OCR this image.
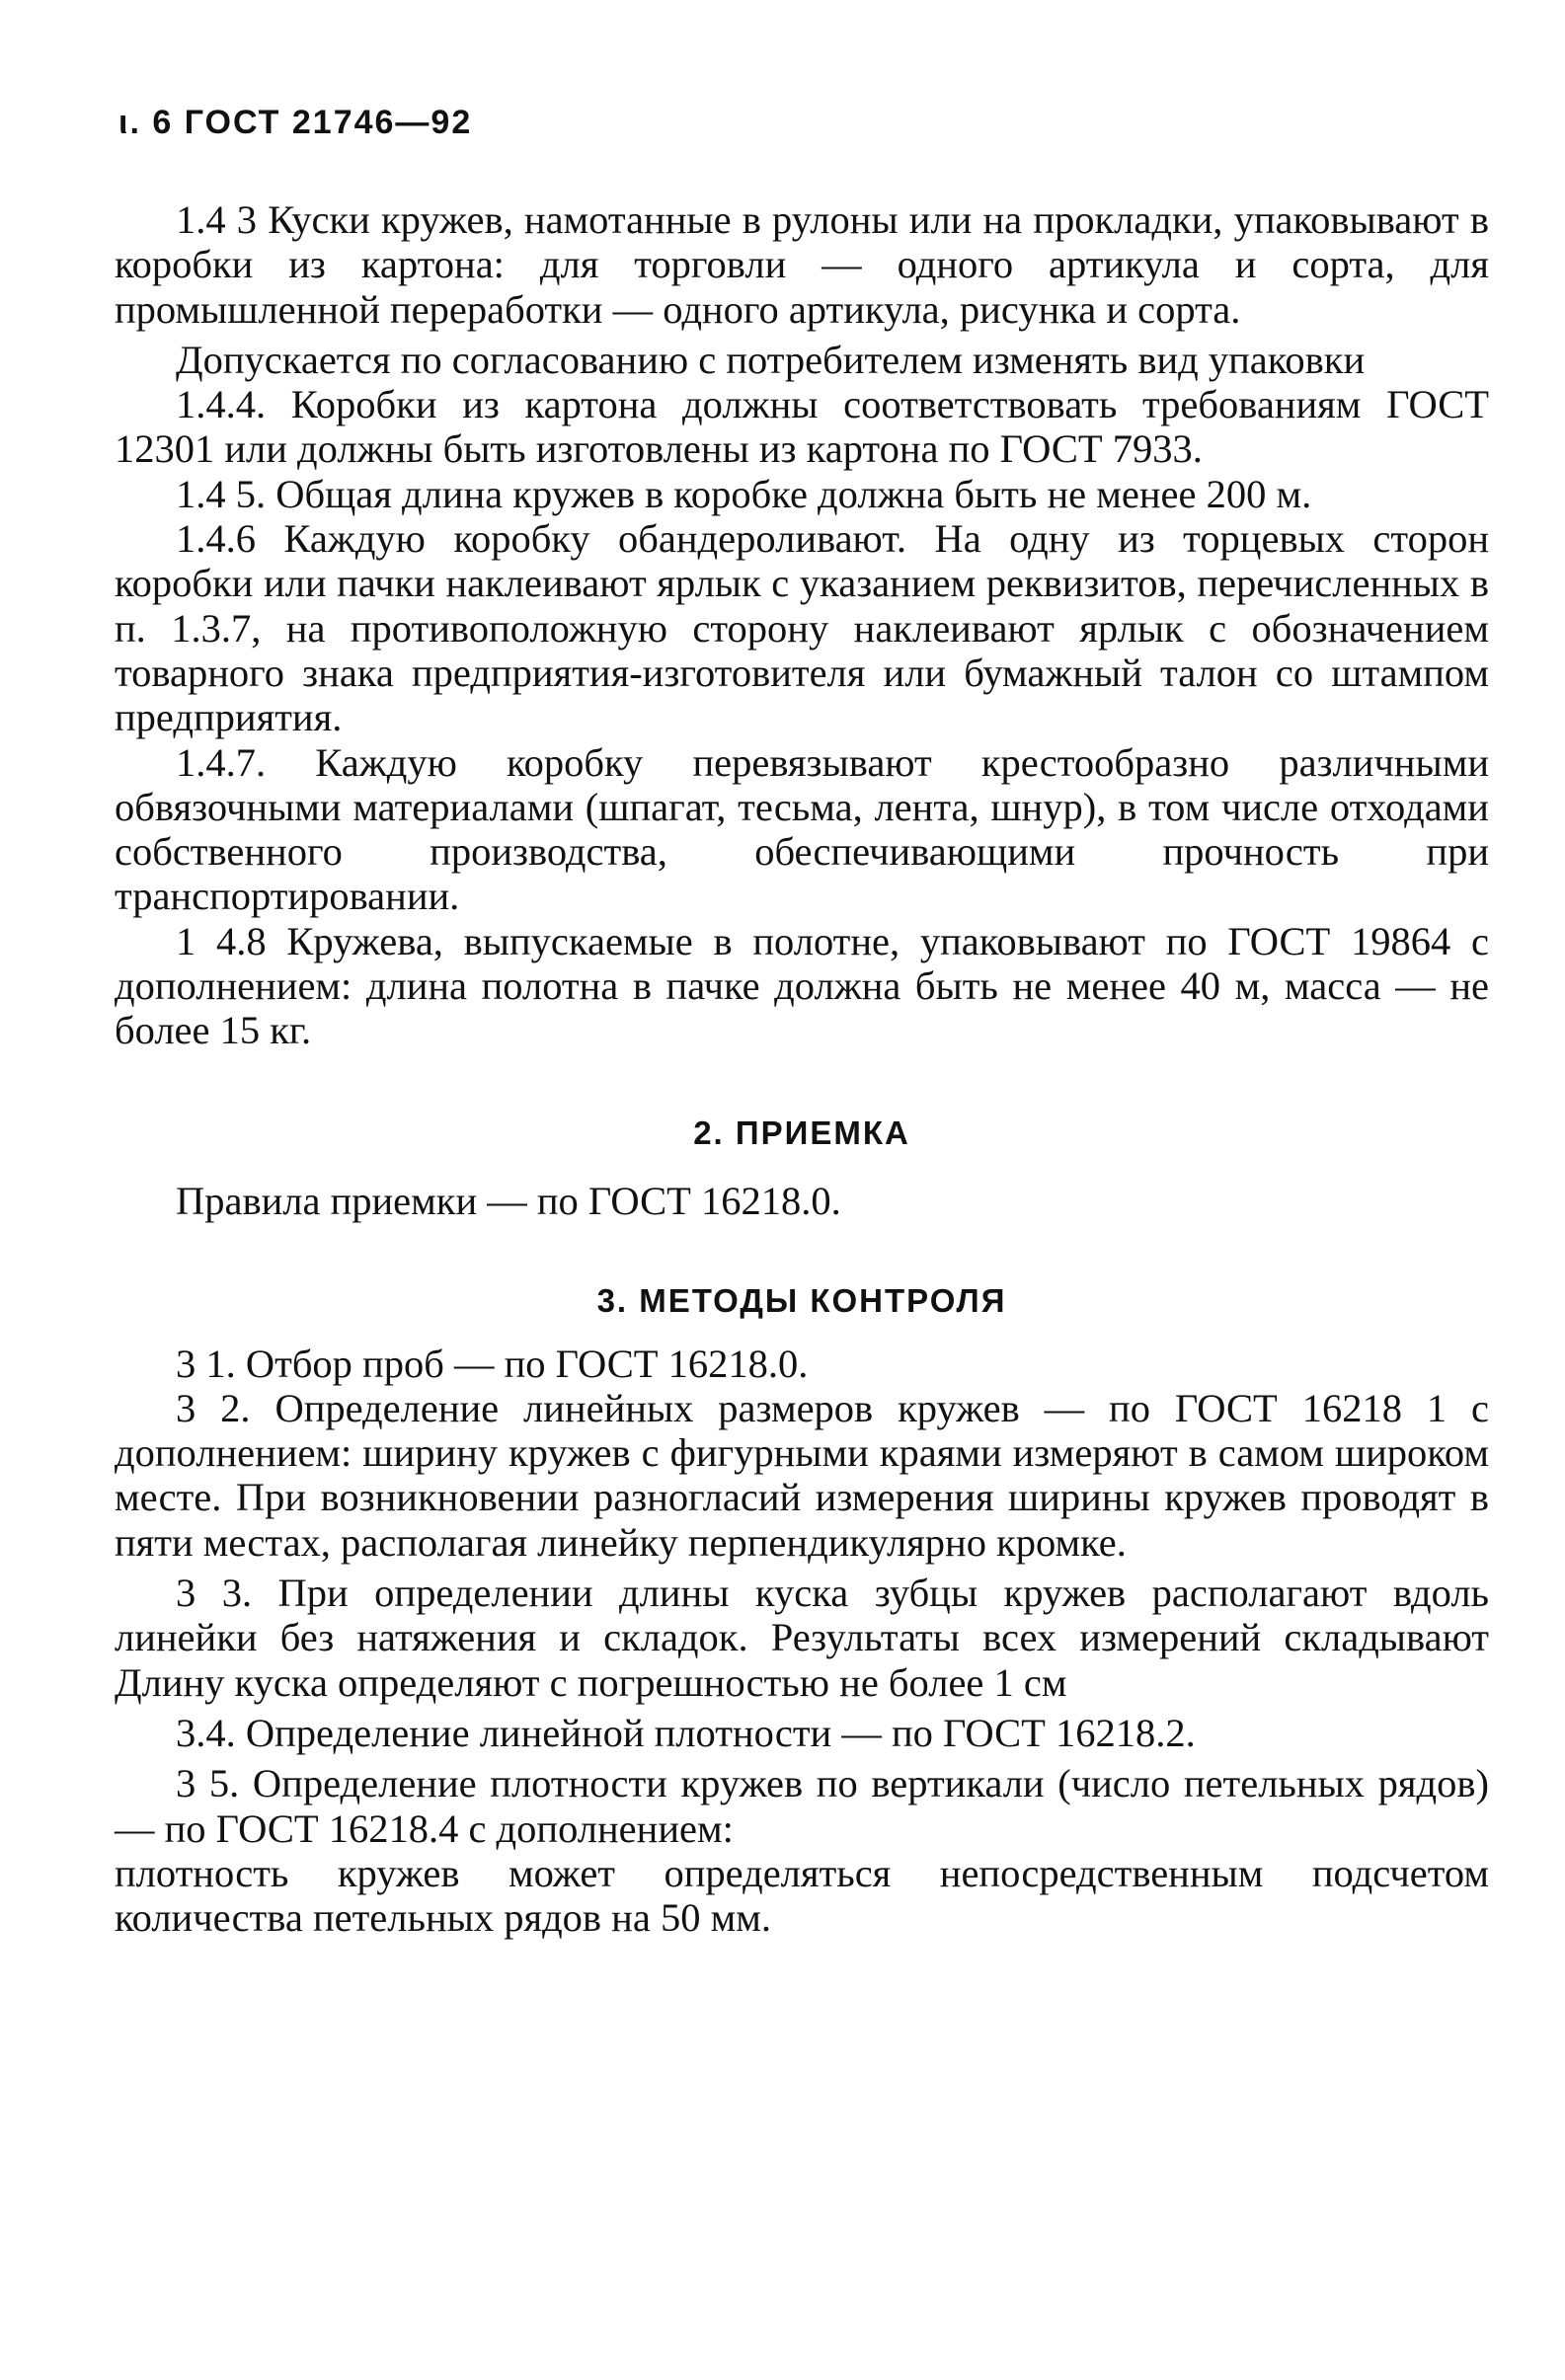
ι. 6 ГОСТ 21746—92

1.4 3 Куски кружев, намотанные в рулоны или на прокладки, упаковывают в коробки из картона: для торговли — одного артикула и сорта, для промышленной переработки — одного артикула, рисунка и сорта.

Допускается по согласованию с потребителем изменять вид упаковки

1.4.4. Коробки из картона должны соответствовать требованиям ГОСТ 12301 или должны быть изготовлены из картона по ГОСТ 7933.

1.4 5. Общая длина кружев в коробке должна быть не менее 200 м.

1.4.6 Каждую коробку обандероливают. На одну из торцевых сторон коробки или пачки наклеивают ярлык с указанием реквизитов, перечисленных в п. 1.3.7, на противоположную сторону наклеивают ярлык с обозначением товарного знака предприятия-изготовителя или бумажный талон со штампом предприятия.

1.4.7. Каждую коробку перевязывают крестообразно различными обвязочными материалами (шпагат, тесьма, лента, шнур), в том числе отходами собственного производства, обеспечивающими прочность при транспортировании.

1 4.8 Кружева, выпускаемые в полотне, упаковывают по ГОСТ 19864 с дополнением: длина полотна в пачке должна быть не менее 40 м, масса — не более 15 кг.

2. ПРИЕМКА

Правила приемки — по ГОСТ 16218.0.

3. МЕТОДЫ КОНТРОЛЯ

3 1. Отбор проб — по ГОСТ 16218.0.

3 2. Определение линейных размеров кружев — по ГОСТ 16218 1 с дополнением: ширину кружев с фигурными краями измеряют в самом широком месте. При возникновении разногласий измерения ширины кружев проводят в пяти местах, располагая линейку перпендикулярно кромке.

3 3. При определении длины куска зубцы кружев располагают вдоль линейки без натяжения и складок. Результаты всех измерений складывают Длину куска определяют с погрешностью не более 1 см

3.4. Определение линейной плотности — по ГОСТ 16218.2.

3 5. Определение плотности кружев по вертикали (число петельных рядов) — по ГОСТ 16218.4 с дополнением:

плотность кружев может определяться непосредственным подсчетом количества петельных рядов на 50 мм.
